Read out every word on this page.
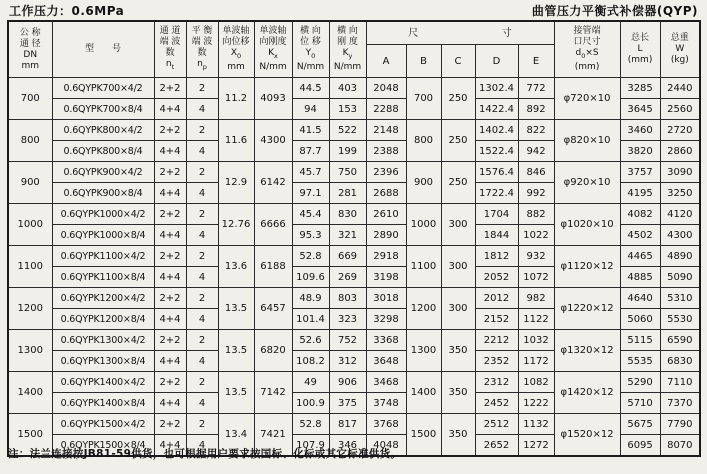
工作压力：0.6MPa	曲管压力平衡式补偿器(QYP)
公 称
通 径
DN
mm	型　　号	通 道
端 波
数
$n_t$	平 衡
端 波
数
$n_p$	单波轴
向位移
$X_0$
mm	单波轴
向刚度
$K_x$
N/mm	横 向
位 移
$Y_0$
N/mm	横 向
刚 度
$K_y$
N/mm	尺 寸					接管端
口尺寸
$d_0\times S$
(mm)	总长
L
(mm)	总重
W
(kg)

								A	B	C	D	E			
700	0.6QYPK700×4/2	2+2	2	11.2	4093	44.5	403	2048	700	250	1302.4	772	φ720×10	3285	2440
	0.6QYPK700×8/4	4+4	4			94	153	2288			1422.4	892		3645	2560
800	0.6QYPK800×4/2	2+2	2	11.6	4300	41.5	522	2148	800	250	1402.4	822	φ820×10	3460	2720
	0.6QYPK800×8/4	4+4	4			87.7	199	2388			1522.4	942		3820	2860
900	0.6QYPK900×4/2	2+2	2	12.9	6142	45.7	750	2396	900	250	1576.4	846	φ920×10	3757	3090
	0.6QYPK900×8/4	4+4	4			97.1	281	2688			1722.4	992		4195	3250
1000	0.6QYPK1000×4/2	2+2	2	12.76	6666	45.4	830	2610	1000	300	1704	882	φ1020×10	4082	4120
	0.6QYPK1000×8/4	4+4	4			95.3	321	2890			1844	1022		4502	4300
1100	0.6QYPK1100×4/2	2+2	2	13.6	6188	52.8	669	2918	1100	300	1812	932	φ1120×12	4465	4890
	0.6QYPK1100×8/4	4+4	4			109.6	269	3198			2052	1072		4885	5090
1200	0.6QYPK1200×4/2	2+2	2	13.5	6457	48.9	803	3018	1200	300	2012	982	φ1220×12	4640	5310
	0.6QYPK1200×8/4	4+4	4			101.4	323	3298			2152	1122		5060	5530
1300	0.6QYPK1300×4/2	2+2	2	13.5	6820	52.6	752	3368	1300	350	2212	1032	φ1320×12	5115	6590
	0.6QYPK1300×8/4	4+4	4			108.2	312	3648			2352	1172		5535	6830
1400	0.6QYPK1400×4/2	2+2	2	13.5	7142	49	906	3468	1400	350	2312	1082	φ1420×12	5290	7110
	0.6QYPK1400×8/4	4+4	4			100.9	375	3748			2452	1222		5710	7370
1500	0.6QYPK1500×4/2	2+2	2	13.4	7421	52.8	817	3768	1500	350	2512	1132	φ1520×12	5675	7790
	0.6QYPK1500×8/4	4+4	4			107.9	346	4048			2652	1272		6095	8070
注：法兰连接按JB81-59供货，也可根据用户要求按国标、化标或其它标准供货。
